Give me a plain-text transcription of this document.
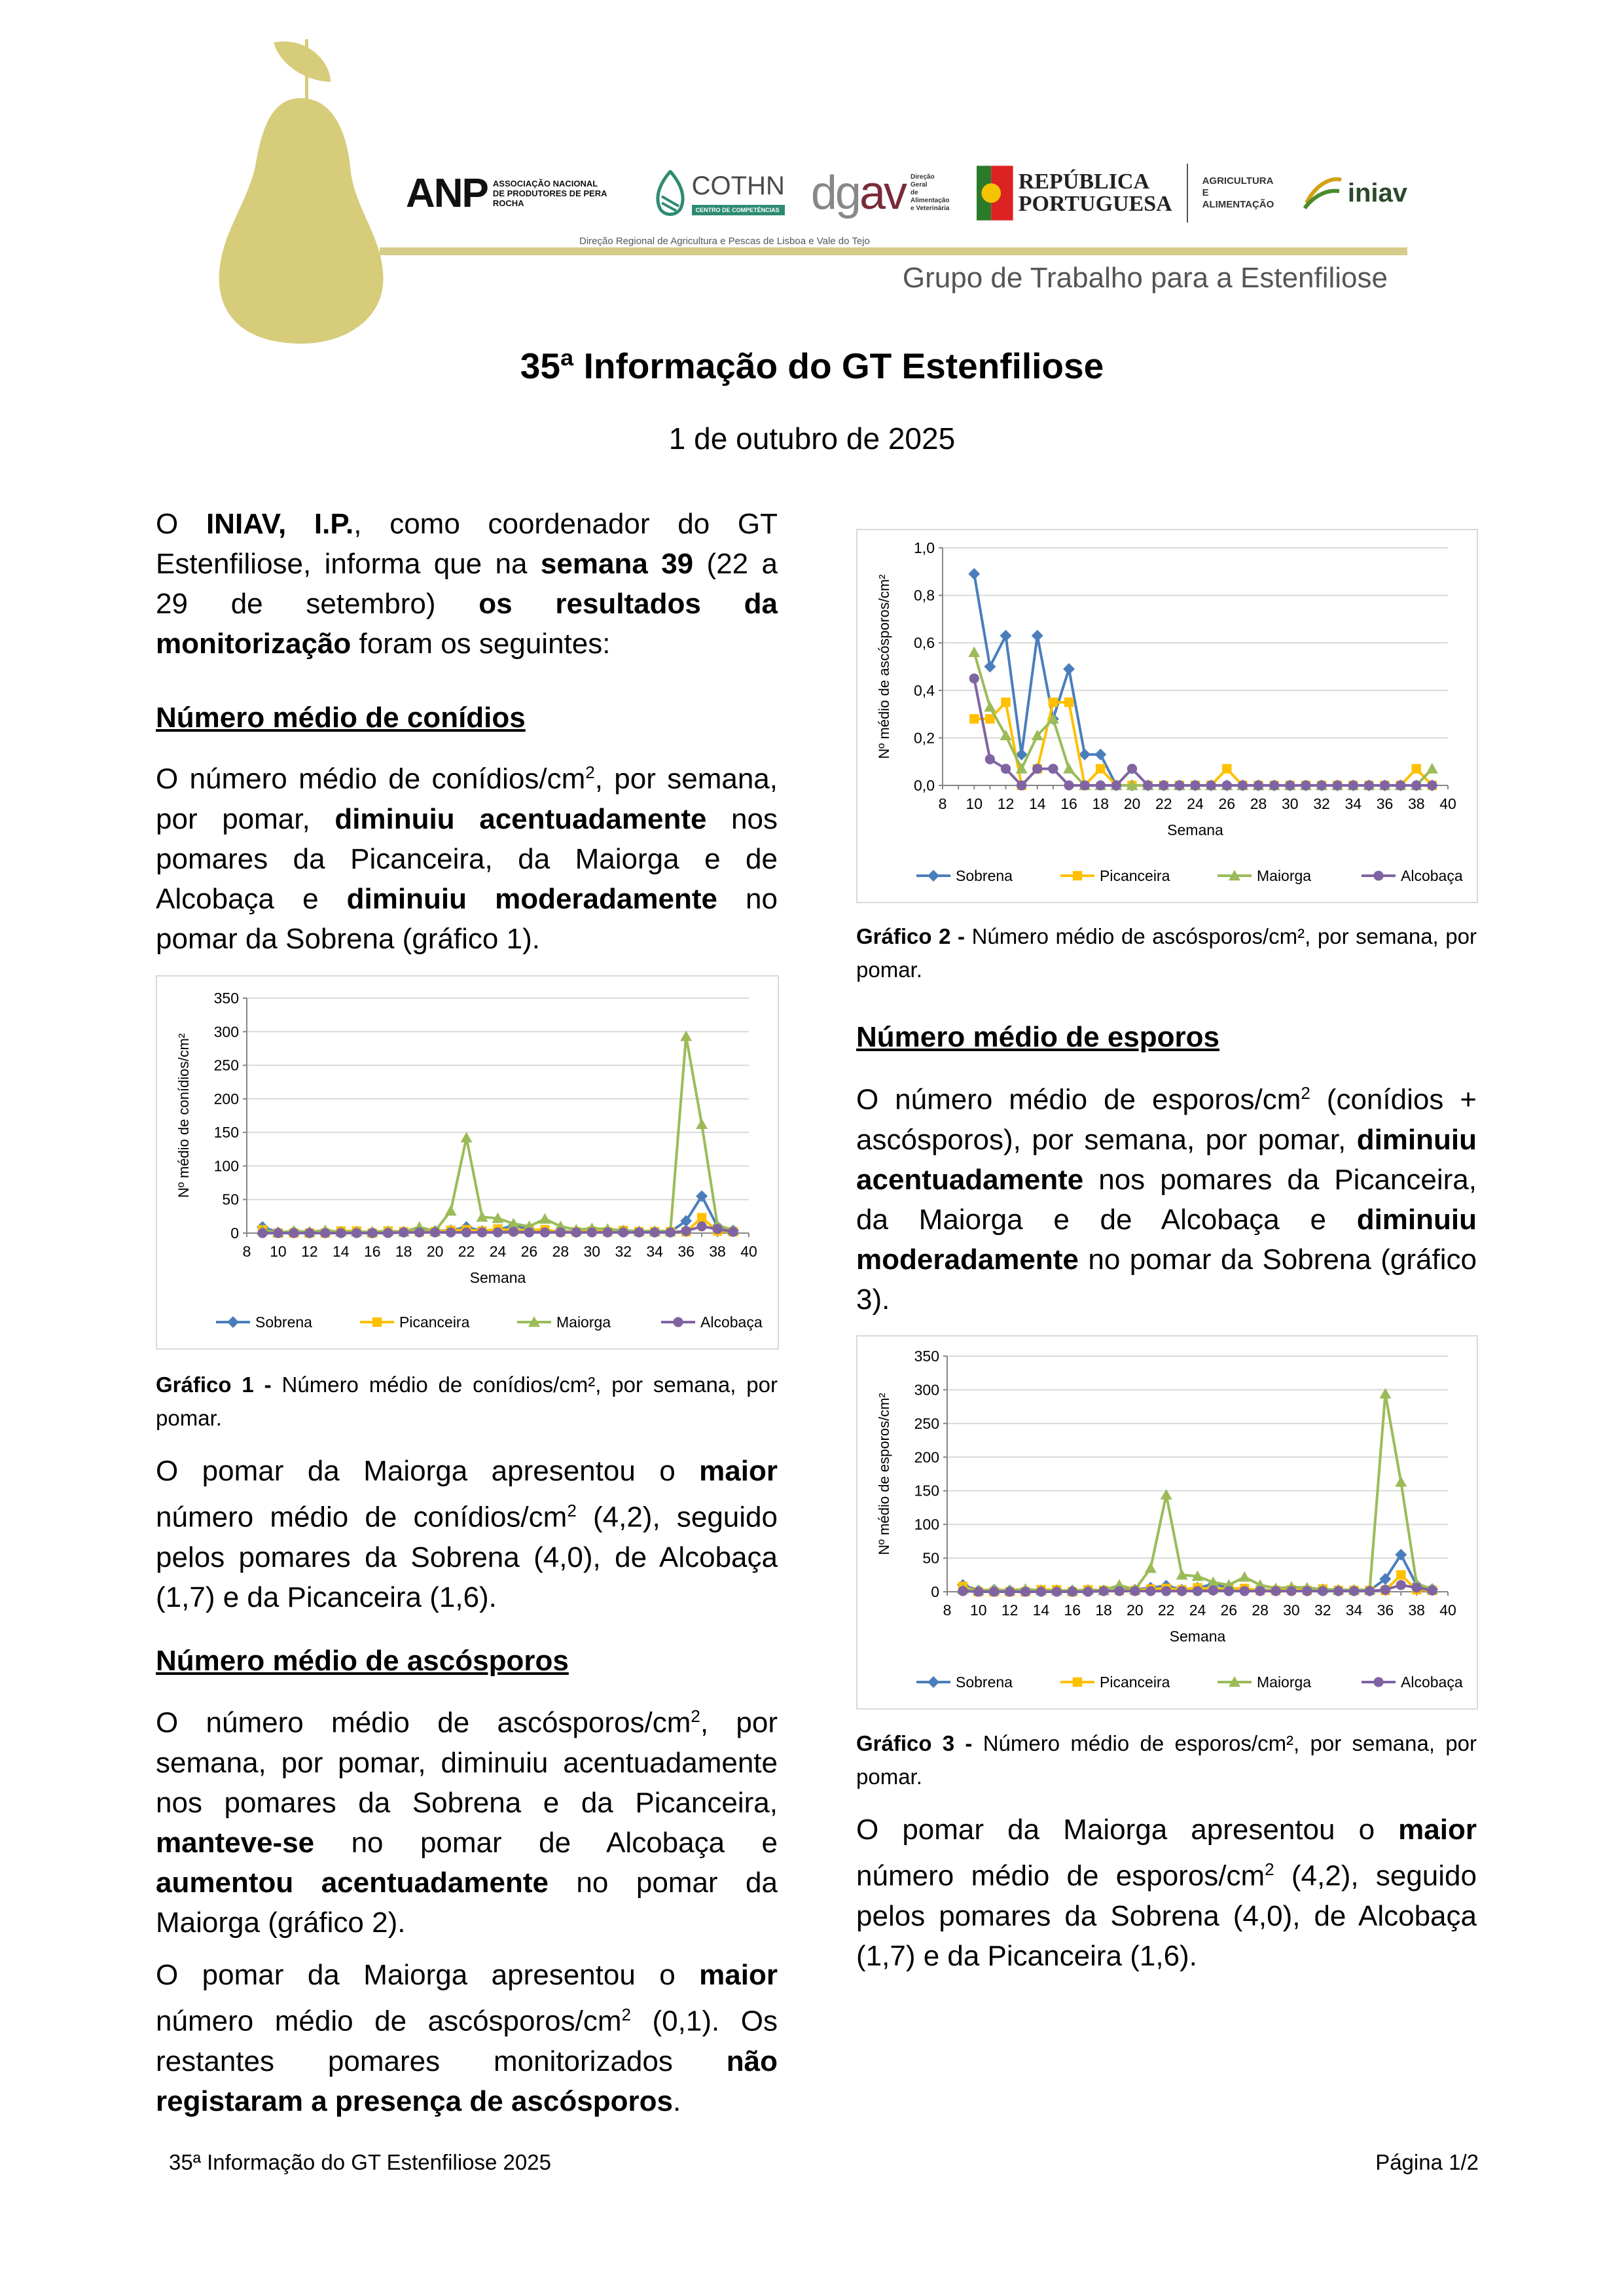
ANP ASSOCIAÇÃO NACIONAL
DE PRODUTORES DE PERA ROCHA
COTHN
CENTRO DE COMPETÊNCIAS dgav Direção Geral
de Alimentação
e Veterinária
REPÚBLICA
PORTUGUESA
AGRICULTURA
E ALIMENTAÇÃO	iniav
Direção Regional de Agricultura e Pescas de Lisboa e Vale do Tejo
Grupo de Trabalho para a Estenfiliose
35ª Informação do GT Estenfiliose
1 de outubro de 2025
O INIAV, I.P., como coordenador do GT Estenfiliose, informa que na semana 39 (22 a 29 de setembro) os resultados da monitorização foram os seguintes:
Número médio de conídios
O número médio de conídios/$cm^2$, por semana, por pomar, diminuiu acentuadamente nos pomares da Picanceira, da Maiorga e de Alcobaça e diminuiu moderadamente no pomar da Sobrena (gráfico 1).
0
50
100
150
200
250
300
350
8 10 12 14 16 18 20 22 24 26 28 30 32 34 36 38 40
Semana
Nº médio de conídios/cm²
Sobrena	Picanceira	Maiorga	Alcobaça
Gráfico 1 - Número médio de conídios/cm², por semana, por pomar.
O pomar da Maiorga apresentou o maior número médio de conídios/$cm^2$ (4,2), seguido pelos pomares da Sobrena (4,0), de Alcobaça (1,7) e da Picanceira (1,6).
Número médio de ascósporos
O número médio de ascósporos/$cm^2$, por semana, por pomar, diminuiu acentuadamente nos pomares da Sobrena e da Picanceira, manteve-se no pomar de Alcobaça e aumentou acentuadamente no pomar da Maiorga (gráfico 2).
O pomar da Maiorga apresentou o maior número médio de ascósporos/$cm^2$ (0,1). Os restantes pomares monitorizados não registaram a presença de ascósporos.
0,0
0,2
0,4
0,6
0,8
1,0
8 10 12 14 16 18 20 22 24 26 28 30 32 34 36 38 40
Semana
Nº médio de ascósporos/cm²
Sobrena	Picanceira	Maiorga	Alcobaça
Gráfico 2 - Número médio de ascósporos/cm², por semana, por pomar.
Número médio de esporos
O número médio de esporos/$cm^2$ (conídios + ascósporos), por semana, por pomar, diminuiu acentuadamente nos pomares da Picanceira, da Maiorga e de Alcobaça e diminuiu moderadamente no pomar da Sobrena (gráfico 3).
0
50
100
150
200
250
300
350
8 10 12 14 16 18 20 22 24 26 28 30 32 34 36 38 40
Semana
Nº médio de esporos/cm²
Sobrena	Picanceira	Maiorga	Alcobaça
Gráfico 3 - Número médio de esporos/cm², por semana, por pomar.
O pomar da Maiorga apresentou o maior número médio de esporos/$cm^2$ (4,2), seguido pelos pomares da Sobrena (4,0), de Alcobaça (1,7) e da Picanceira (1,6).
35ª Informação do GT Estenfiliose 2025	Página 1/2
